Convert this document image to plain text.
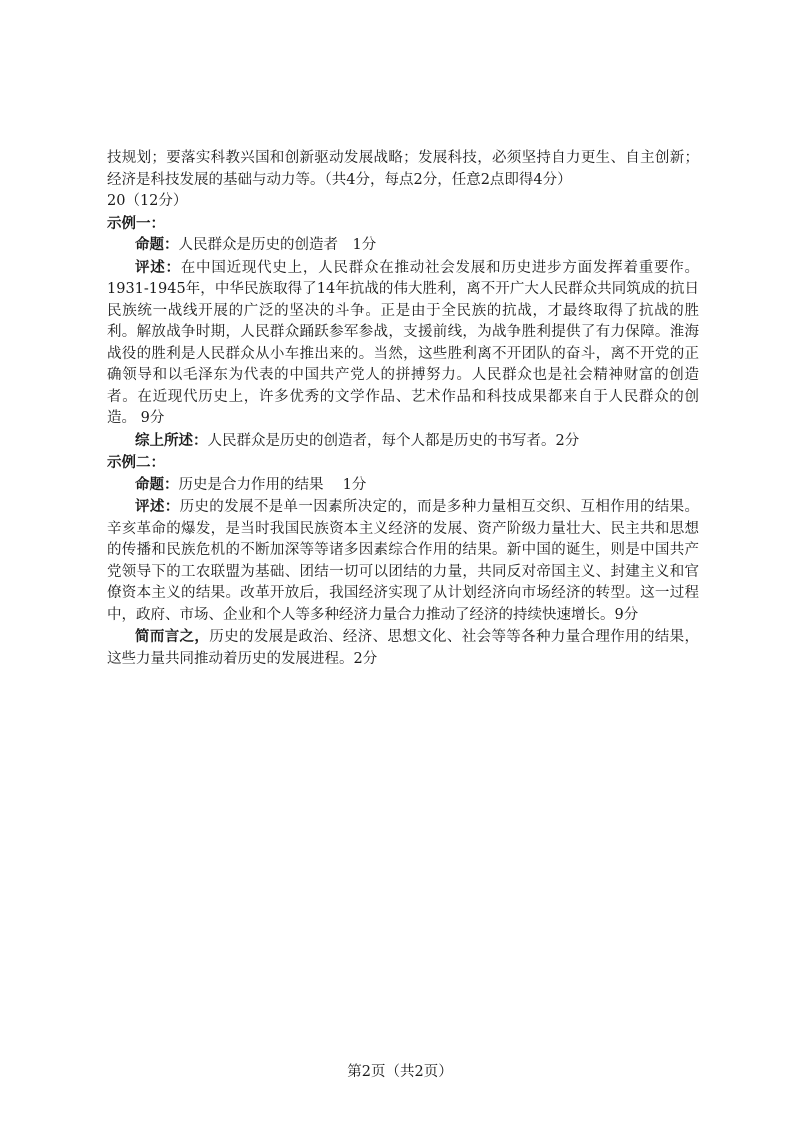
技规划；要落实科教兴国和创新驱动发展战略；发展科技，必须坚持自力更生、自主创新；经济是科技发展的基础与动力等。（共4分，每点2分，任意2点即得4分）

20（12分）

示例一：

命题：人民群众是历史的创造者　1分

评述：在中国近现代史上，人民群众在推动社会发展和历史进步方面发挥着重要作。1931-1945年，中华民族取得了14年抗战的伟大胜利，离不开广大人民群众共同筑成的抗日民族统一战线开展的广泛的坚决的斗争。正是由于全民族的抗战，才最终取得了抗战的胜利。解放战争时期，人民群众踊跃参军参战，支援前线，为战争胜利提供了有力保障。淮海战役的胜利是人民群众从小车推出来的。当然，这些胜利离不开团队的奋斗，离不开党的正确领导和以毛泽东为代表的中国共产党人的拼搏努力。人民群众也是社会精神财富的创造者。在近现代历史上，许多优秀的文学作品、艺术作品和科技成果都来自于人民群众的创造。 9分

综上所述：人民群众是历史的创造者，每个人都是历史的书写者。2分

示例二：

命题：历史是合力作用的结果　 1分

评述：历史的发展不是单一因素所决定的，而是多种力量相互交织、互相作用的结果。辛亥革命的爆发，是当时我国民族资本主义经济的发展、资产阶级力量壮大、民主共和思想的传播和民族危机的不断加深等等诸多因素综合作用的结果。新中国的诞生，则是中国共产党领导下的工农联盟为基础、团结一切可以团结的力量，共同反对帝国主义、封建主义和官僚资本主义的结果。改革开放后，我国经济实现了从计划经济向市场经济的转型。这一过程中，政府、市场、企业和个人等多种经济力量合力推动了经济的持续快速增长。9分

简而言之，历史的发展是政治、经济、思想文化、社会等等各种力量合理作用的结果，这些力量共同推动着历史的发展进程。2分

第2页（共2页）
